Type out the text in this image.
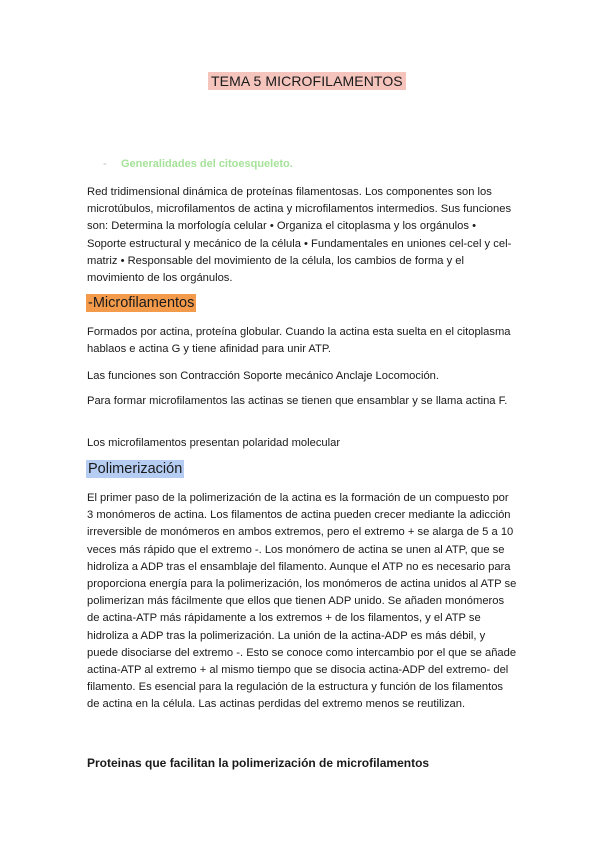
TEMA 5 MICROFILAMENTOS
- Generalidades del citoesqueleto.

Red tridimensional dinámica de proteínas filamentosas. Los componentes son los microtúbulos, microfilamentos de actina y microfilamentos intermedios. Sus funciones son: Determina la morfología celular • Organiza el citoplasma y los orgánulos • Soporte estructural y mecánico de la célula • Fundamentales en uniones cel-cel y cel-matriz • Responsable del movimiento de la célula, los cambios de forma y el movimiento de los orgánulos.

-Microfilamentos

Formados por actina, proteína globular. Cuando la actina esta suelta en el citoplasma hablaos e actina G y tiene afinidad para unir ATP.

Las funciones son Contracción Soporte mecánico Anclaje Locomoción.

Para formar microfilamentos las actinas se tienen que ensamblar y se llama actina F.

Los microfilamentos presentan polaridad molecular

Polimerización

El primer paso de la polimerización de la actina es la formación de un compuesto por 3 monómeros de actina. Los filamentos de actina pueden crecer mediante la adicción irreversible de monómeros en ambos extremos, pero el extremo + se alarga de 5 a 10 veces más rápido que el extremo -. Los monómero de actina se unen al ATP, que se hidroliza a ADP tras el ensamblaje del filamento. Aunque el ATP no es necesario para proporciona energía para la polimerización, los monómeros de actina unidos al ATP se polimerizan más fácilmente que ellos que tienen ADP unido. Se añaden monómeros de actina-ATP más rápidamente a los extremos + de los filamentos, y el ATP se hidroliza a ADP tras la polimerización. La unión de la actina-ADP es más débil, y puede disociarse del extremo -. Esto se conoce como intercambio por el que se añade actina-ATP al extremo + al mismo tiempo que se disocia actina-ADP del extremo- del filamento. Es esencial para la regulación de la estructura y función de los filamentos de actina en la célula. Las actinas perdidas del extremo menos se reutilizan.

Proteinas que facilitan la polimerización de microfilamentos
